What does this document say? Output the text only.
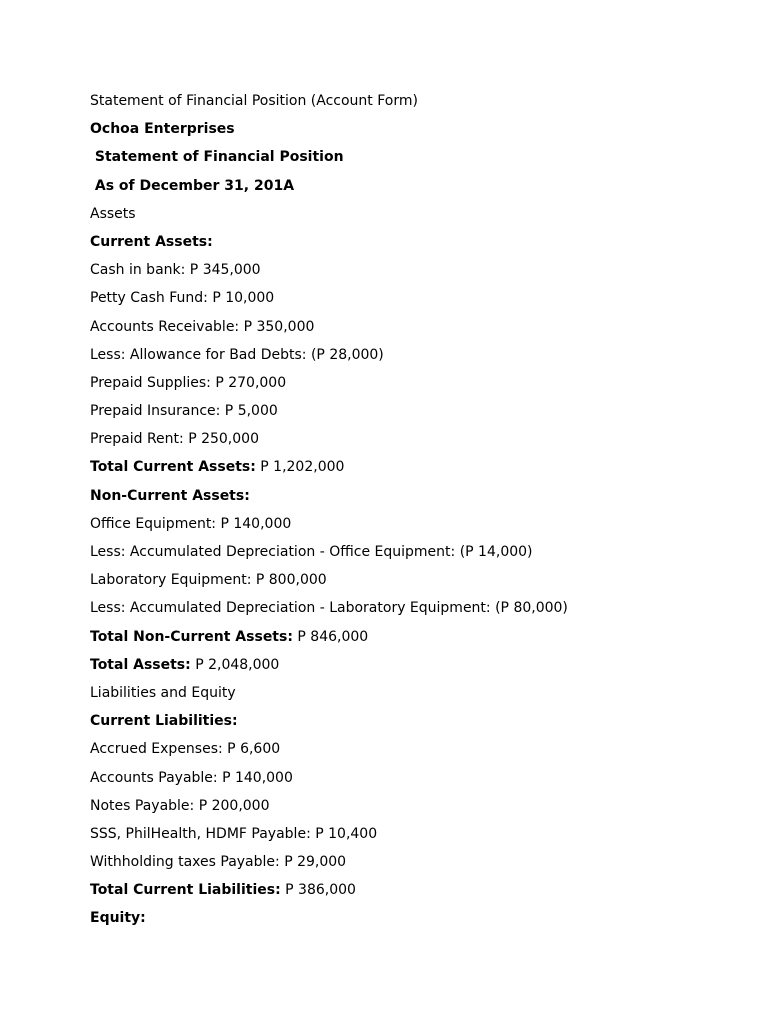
Statement of Financial Position (Account Form)
Ochoa Enterprises
Statement of Financial Position
As of December 31, 201A
Assets
Current Assets:
Cash in bank: P 345,000
Petty Cash Fund: P 10,000
Accounts Receivable: P 350,000
Less: Allowance for Bad Debts: (P 28,000)
Prepaid Supplies: P 270,000
Prepaid Insurance: P 5,000
Prepaid Rent: P 250,000
Total Current Assets: P 1,202,000
Non-Current Assets:
Office Equipment: P 140,000
Less: Accumulated Depreciation - Office Equipment: (P 14,000)
Laboratory Equipment: P 800,000
Less: Accumulated Depreciation - Laboratory Equipment: (P 80,000)
Total Non-Current Assets: P 846,000
Total Assets: P 2,048,000
Liabilities and Equity
Current Liabilities:
Accrued Expenses: P 6,600
Accounts Payable: P 140,000
Notes Payable: P 200,000
SSS, PhilHealth, HDMF Payable: P 10,400
Withholding taxes Payable: P 29,000
Total Current Liabilities: P 386,000
Equity:
